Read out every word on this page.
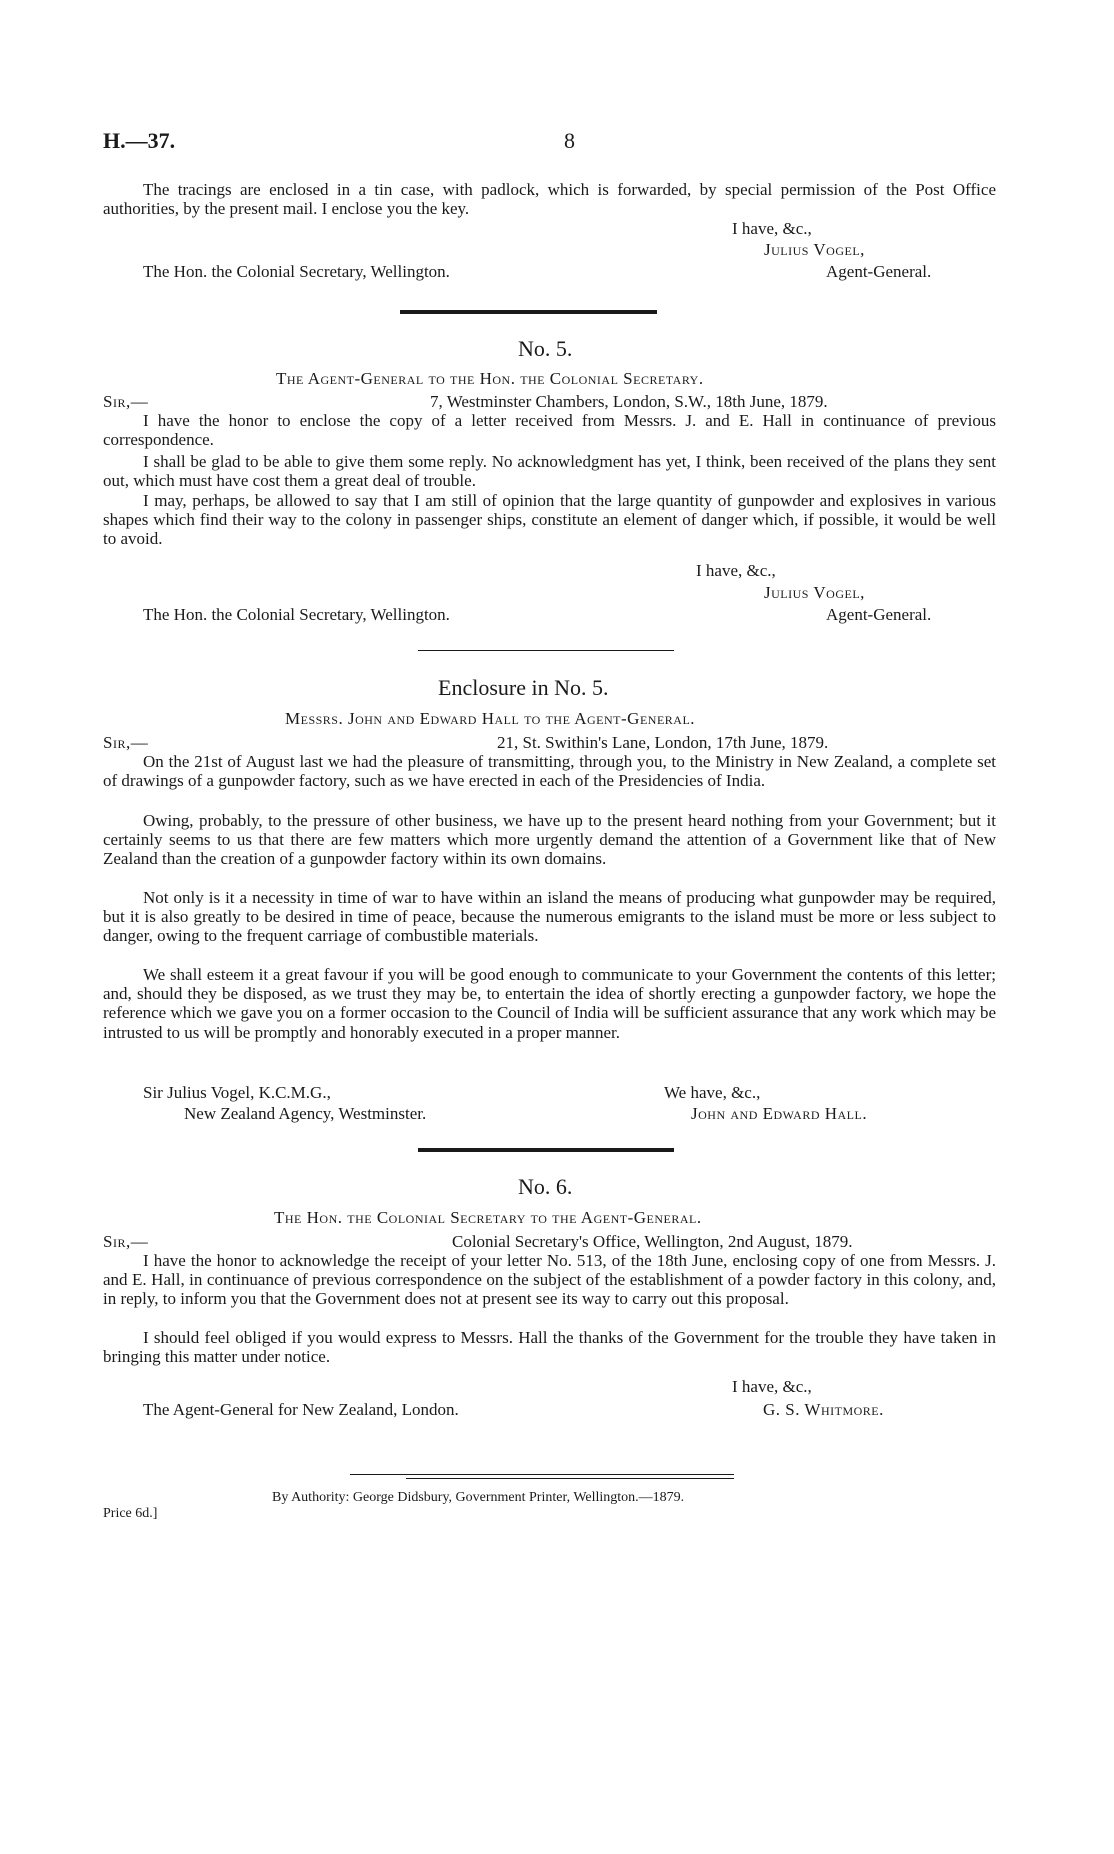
H.—37.	8
The tracings are enclosed in a tin case, with padlock, which is forwarded, by special permission of the Post Office authorities, by the present mail. I enclose you the key.
I have, &c.,
Julius Vogel,
The Hon. the Colonial Secretary, Wellington.	Agent-General.
No. 5.
The Agent-General to the Hon. the Colonial Secretary.
Sir,—	7, Westminster Chambers, London, S.W., 18th June, 1879.
I have the honor to enclose the copy of a letter received from Messrs. J. and E. Hall in continuance of previous correspondence.
I shall be glad to be able to give them some reply. No acknowledgment has yet, I think, been received of the plans they sent out, which must have cost them a great deal of trouble.
I may, perhaps, be allowed to say that I am still of opinion that the large quantity of gunpowder and explosives in various shapes which find their way to the colony in passenger ships, constitute an element of danger which, if possible, it would be well to avoid.
I have, &c.,
Julius Vogel,
The Hon. the Colonial Secretary, Wellington.	Agent-General.
Enclosure in No. 5.
Messrs. John and Edward Hall to the Agent-General.
Sir,—	21, St. Swithin's Lane, London, 17th June, 1879.
On the 21st of August last we had the pleasure of transmitting, through you, to the Ministry in New Zealand, a complete set of drawings of a gunpowder factory, such as we have erected in each of the Presidencies of India.
Owing, probably, to the pressure of other business, we have up to the present heard nothing from your Government; but it certainly seems to us that there are few matters which more urgently demand the attention of a Government like that of New Zealand than the creation of a gunpowder factory within its own domains.
Not only is it a necessity in time of war to have within an island the means of producing what gunpowder may be required, but it is also greatly to be desired in time of peace, because the numerous emigrants to the island must be more or less subject to danger, owing to the frequent carriage of combustible materials.
We shall esteem it a great favour if you will be good enough to communicate to your Government the contents of this letter; and, should they be disposed, as we trust they may be, to entertain the idea of shortly erecting a gunpowder factory, we hope the reference which we gave you on a former occasion to the Council of India will be sufficient assurance that any work which may be intrusted to us will be promptly and honorably executed in a proper manner.
Sir Julius Vogel, K.C.M.G.,	We have, &c.,
New Zealand Agency, Westminster.	John and Edward Hall.
No. 6.
The Hon. the Colonial Secretary to the Agent-General.
Sir,—	Colonial Secretary's Office, Wellington, 2nd August, 1879.
I have the honor to acknowledge the receipt of your letter No. 513, of the 18th June, enclosing copy of one from Messrs. J. and E. Hall, in continuance of previous correspondence on the subject of the establishment of a powder factory in this colony, and, in reply, to inform you that the Government does not at present see its way to carry out this proposal.
I should feel obliged if you would express to Messrs. Hall the thanks of the Government for the trouble they have taken in bringing this matter under notice.
I have, &c.,
The Agent-General for New Zealand, London.	G. S. Whitmore.
By Authority: George Didsbury, Government Printer, Wellington.—1879.
Price 6d.]
